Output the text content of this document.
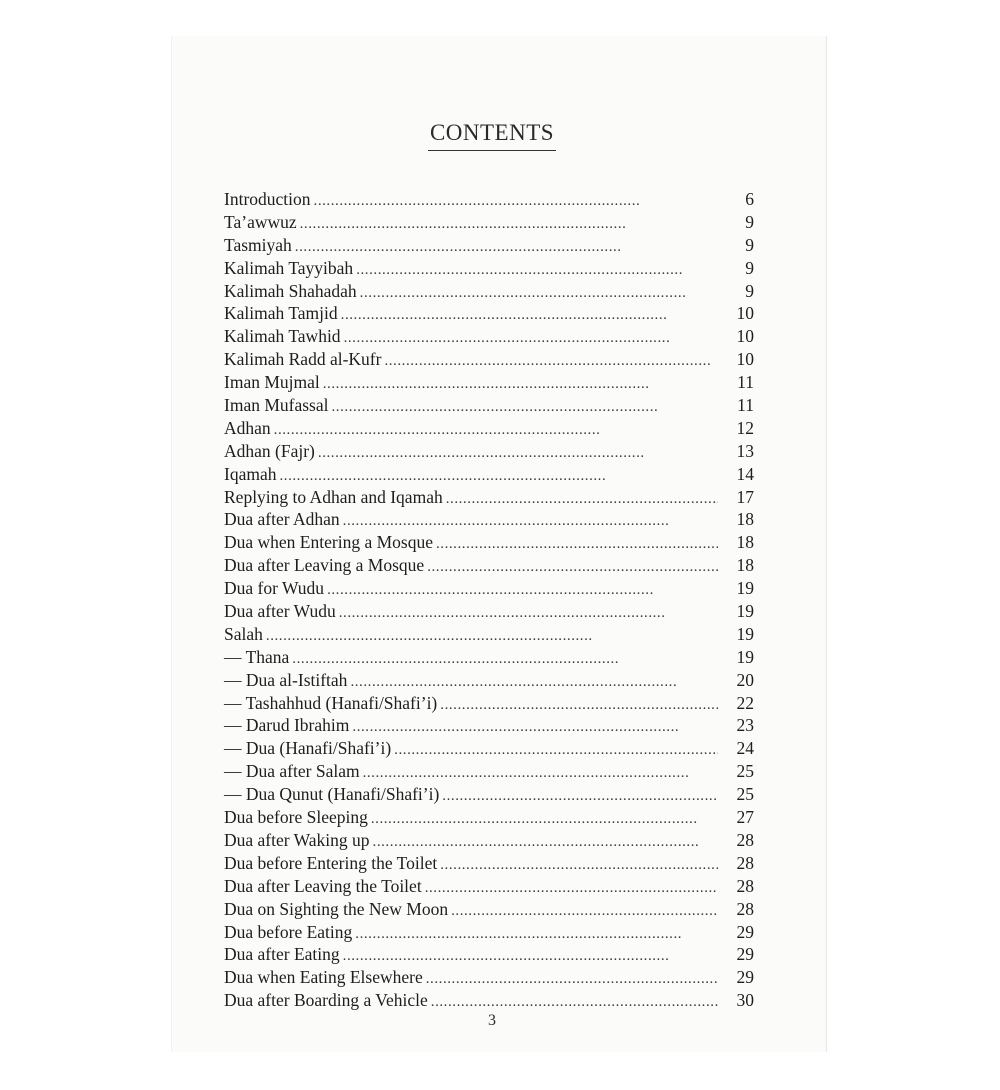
CONTENTS
Introduction . . .	6
Ta’awwuz . . .	9
Tasmiyah . . .	9
Kalimah Tayyibah . . .	9
Kalimah Shahadah . . .	9
Kalimah Tamjid . . .	10
Kalimah Tawhid . . .	10
Kalimah Radd al-Kufr . . .	10
Iman Mujmal . . .	11
Iman Mufassal . . .	11
Adhan . . .	12
Adhan (Fajr) . . .	13
Iqamah . . .	14
Replying to Adhan and Iqamah . . .	17
Dua after Adhan . . .	18
Dua when Entering a Mosque . . .	18
Dua after Leaving a Mosque . . .	18
Dua for Wudu . . .	19
Dua after Wudu . . .	19
Salah . . .	19
— Thana . . .	19
— Dua al-Istiftah . . .	20
— Tashahhud (Hanafi/Shafi’i) . . .	22
— Darud Ibrahim . . .	23
— Dua (Hanafi/Shafi’i) . . .	24
— Dua after Salam . . .	25
— Dua Qunut (Hanafi/Shafi’i) . . .	25
Dua before Sleeping . . .	27
Dua after Waking up . . .	28
Dua before Entering the Toilet . . .	28
Dua after Leaving the Toilet . . .	28
Dua on Sighting the New Moon . . .	28
Dua before Eating . . .	29
Dua after Eating . . .	29
Dua when Eating Elsewhere . . .	29
Dua after Boarding a Vehicle . . .	30
3
